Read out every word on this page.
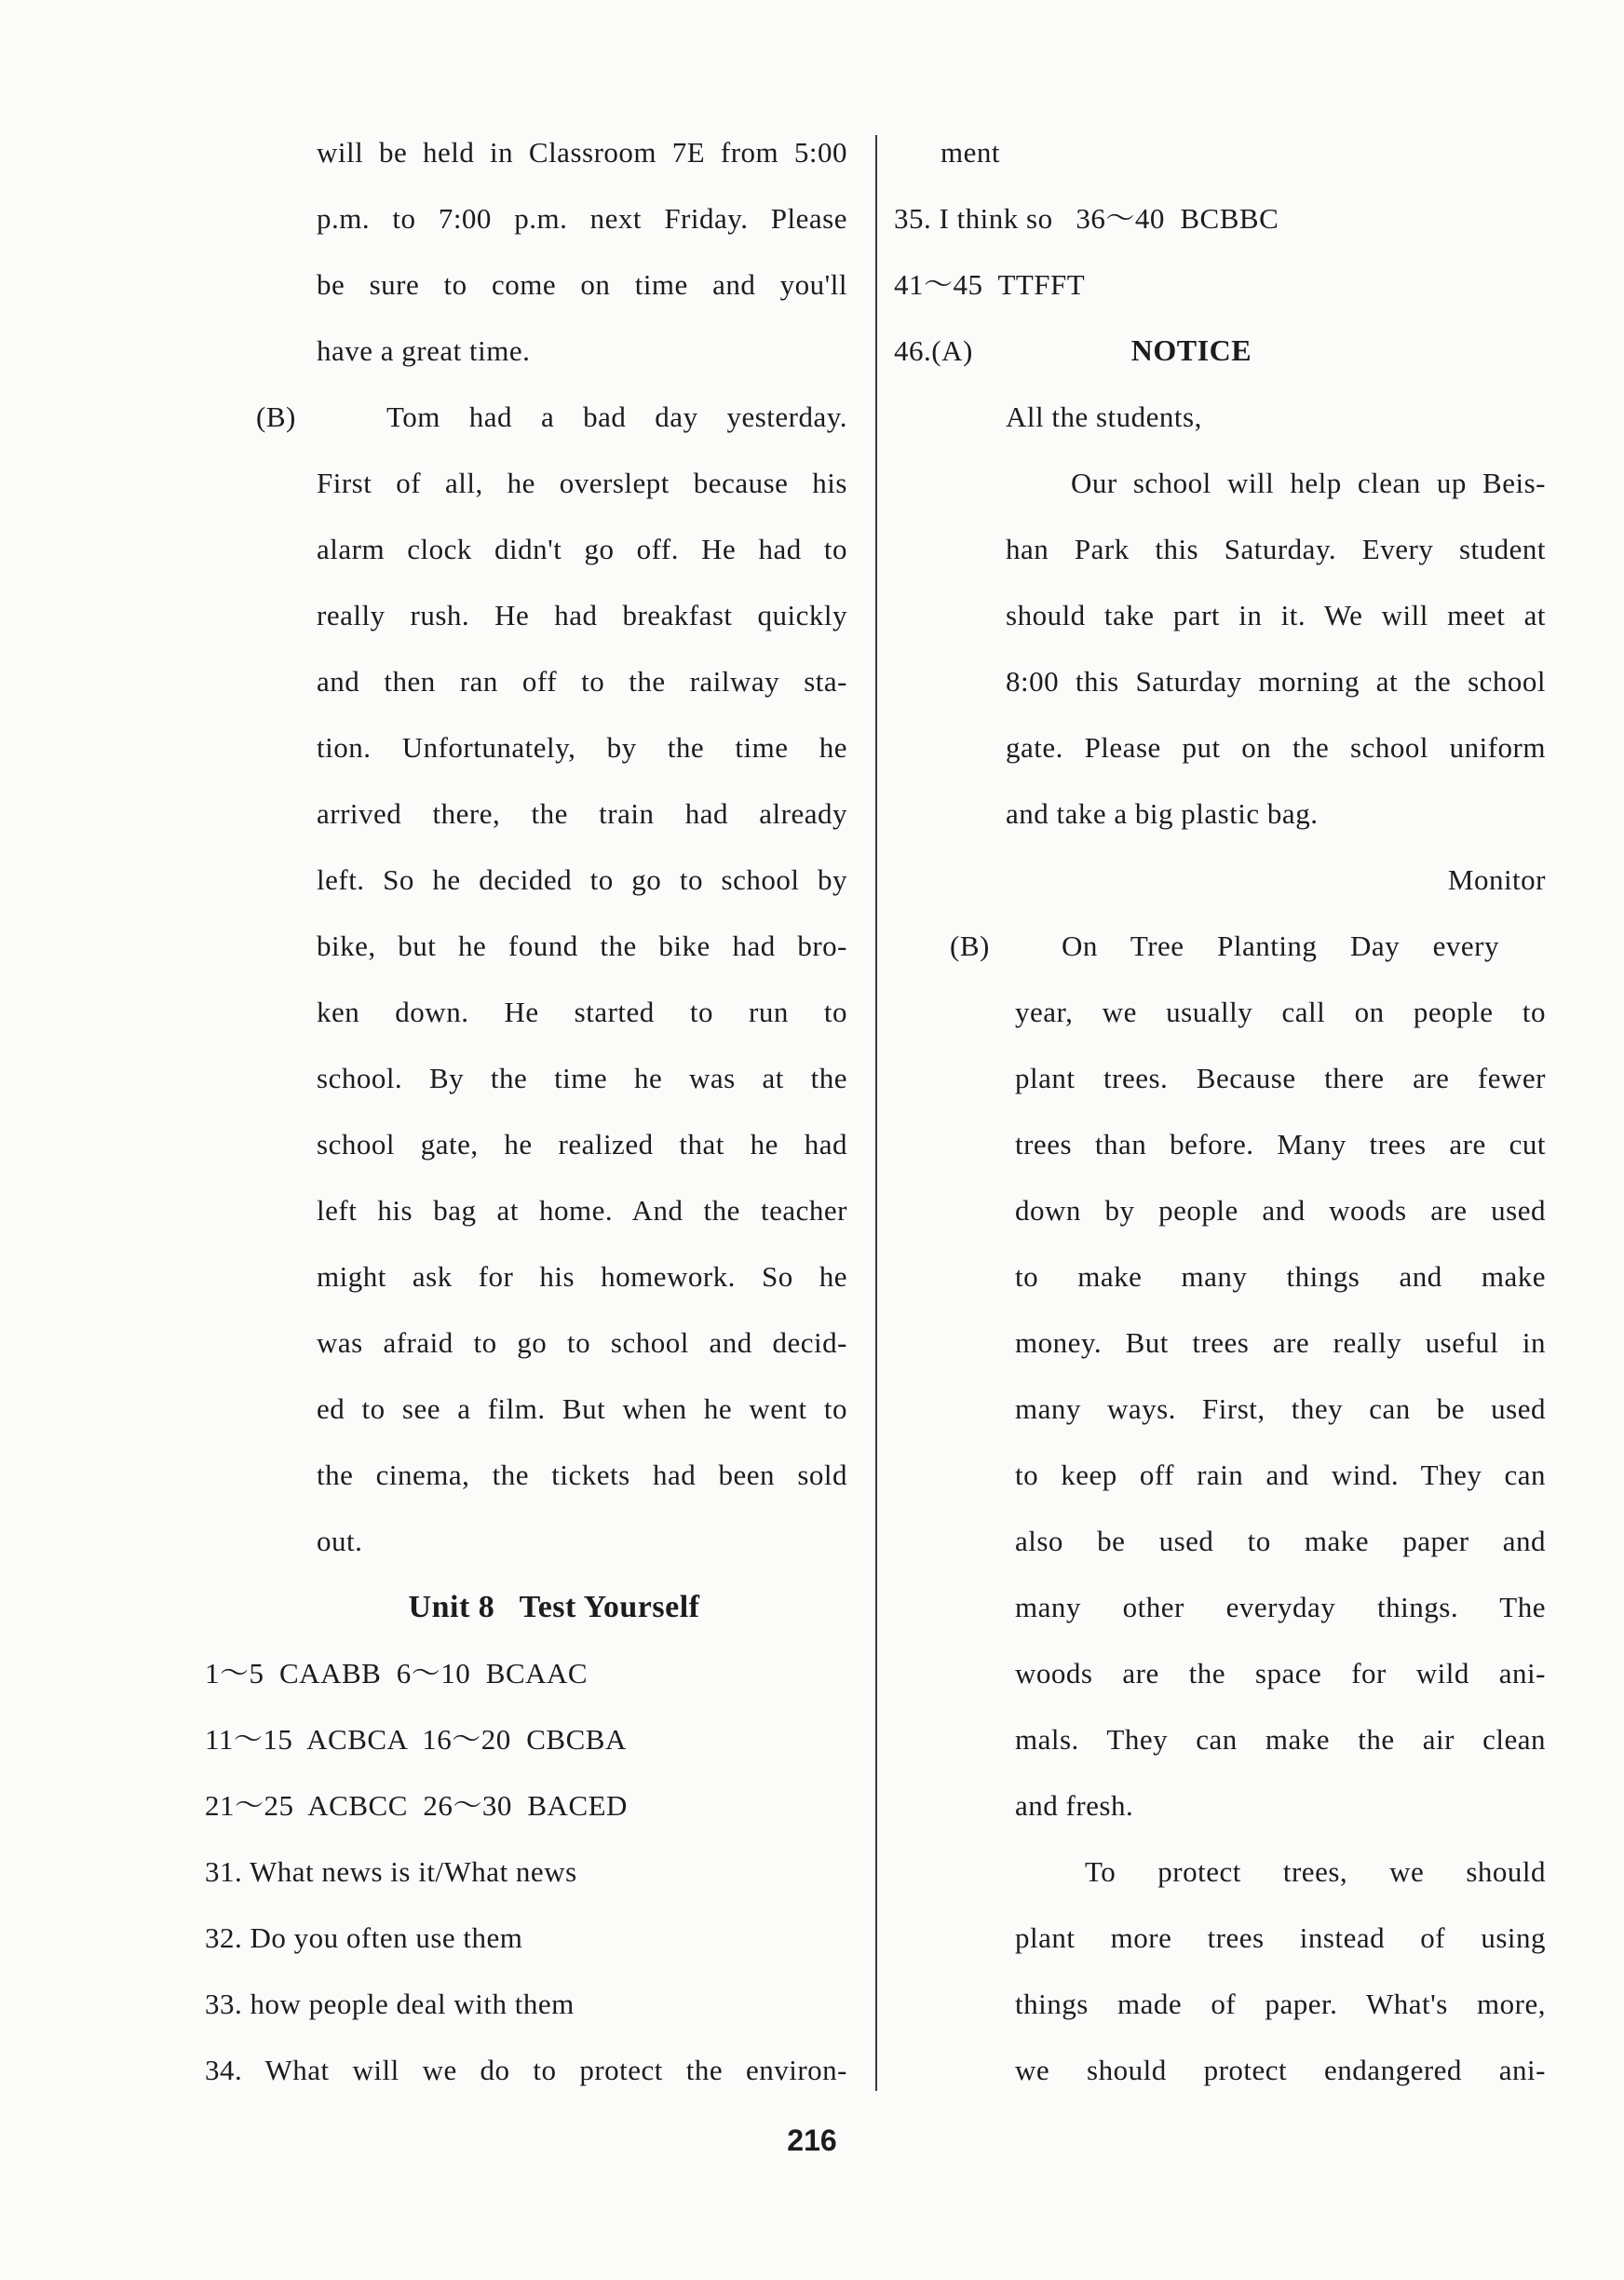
will be held in Classroom 7E from 5:00
p.m. to 7:00 p.m. next Friday. Please
be sure to come on time and you'll
have a great time.
(B)	Tom had a bad day yesterday.
First of all, he overslept because his
alarm clock didn't go off. He had to
really rush. He had breakfast quickly
and then ran off to the railway sta-
tion. Unfortunately, by the time he
arrived there, the train had already
left. So he decided to go to school by
bike, but he found the bike had bro-
ken down. He started to run to
school. By the time he was at the
school gate, he realized that he had
left his bag at home. And the teacher
might ask for his homework. So he
was afraid to go to school and decid-
ed to see a film. But when he went to
the cinema, the tickets had been sold
out.
Unit 8   Test Yourself
1～5  CAABB  6～10  BCAAC
11～15  ACBCA  16～20  CBCBA
21～25  ACBCC  26～30  BACED
31. What news is it/What news
32. Do you often use them
33. how people deal with them
34. What will we do to protect the environ-
ment
35. I think so   36～40  BCBBC
41～45  TTFFT
46.(A)	NOTICE
All the students,
Our school will help clean up Beis-
han Park this Saturday. Every student
should take part in it. We will meet at
8:00 this Saturday morning at the school
gate. Please put on the school uniform
and take a big plastic bag.
Monitor
(B) On Tree Planting Day every
year, we usually call on people to
plant trees. Because there are fewer
trees than before. Many trees are cut
down by people and woods are used
to make many things and make
money. But trees are really useful in
many ways. First, they can be used
to keep off rain and wind. They can
also be used to make paper and
many other everyday things. The
woods are the space for wild ani-
mals. They can make the air clean
and fresh.
To protect trees, we should
plant more trees instead of using
things made of paper. What's more,
we should protect endangered ani-
216
